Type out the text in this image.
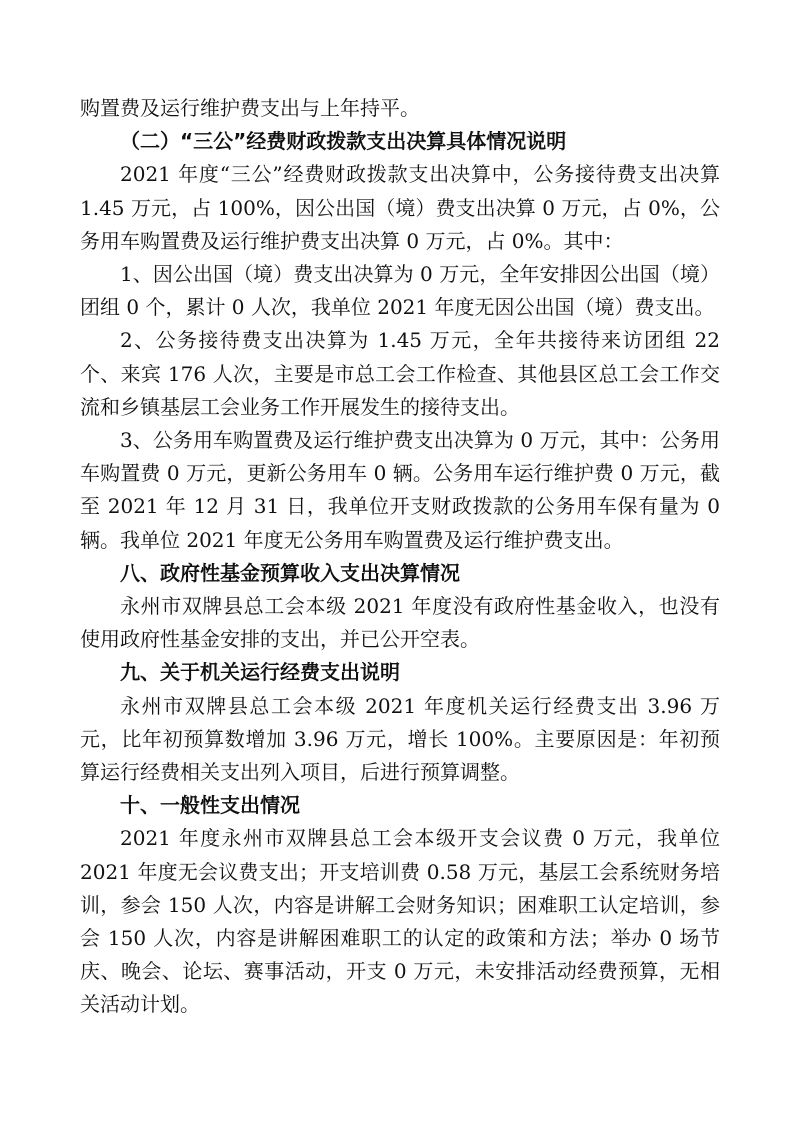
购置费及运行维护费支出与上年持平。

（二）“三公”经费财政拨款支出决算具体情况说明

2021 年度“三公”经费财政拨款支出决算中，公务接待费支出决算 1.45 万元，占 100%，因公出国（境）费支出决算 0 万元，占 0%，公务用车购置费及运行维护费支出决算 0 万元，占 0%。其中：

1、因公出国（境）费支出决算为 0 万元，全年安排因公出国（境）团组 0 个，累计 0 人次，我单位 2021 年度无因公出国（境）费支出。

2、公务接待费支出决算为 1.45 万元，全年共接待来访团组 22 个、来宾 176 人次，主要是市总工会工作检查、其他县区总工会工作交流和乡镇基层工会业务工作开展发生的接待支出。

3、公务用车购置费及运行维护费支出决算为 0 万元，其中：公务用车购置费 0 万元，更新公务用车 0 辆。公务用车运行维护费 0 万元，截至 2021 年 12 月 31 日，我单位开支财政拨款的公务用车保有量为 0 辆。我单位 2021 年度无公务用车购置费及运行维护费支出。

八、政府性基金预算收入支出决算情况

永州市双牌县总工会本级 2021 年度没有政府性基金收入，也没有使用政府性基金安排的支出，并已公开空表。

九、关于机关运行经费支出说明

永州市双牌县总工会本级 2021 年度机关运行经费支出 3.96 万元，比年初预算数增加 3.96 万元，增长 100%。主要原因是：年初预算运行经费相关支出列入项目，后进行预算调整。

十、一般性支出情况

2021 年度永州市双牌县总工会本级开支会议费 0 万元，我单位 2021 年度无会议费支出；开支培训费 0.58 万元，基层工会系统财务培训，参会 150 人次，内容是讲解工会财务知识；困难职工认定培训，参会 150 人次，内容是讲解困难职工的认定的政策和方法；举办 0 场节庆、晚会、论坛、赛事活动，开支 0 万元，未安排活动经费预算，无相关活动计划。
